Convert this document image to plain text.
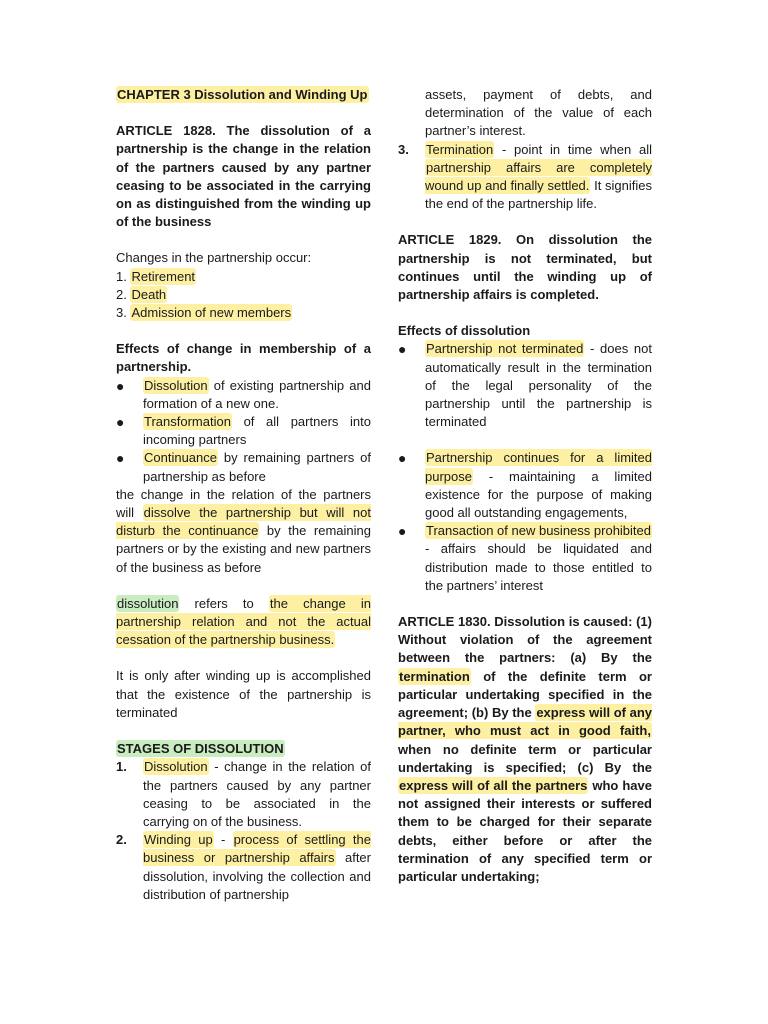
CHAPTER 3 Dissolution and Winding Up

ARTICLE 1828. The dissolution of a partnership is the change in the relation of the partners caused by any partner ceasing to be associated in the carrying on as distinguished from the winding up of the business

Changes in the partnership occur:

1. Retirement

2. Death

3. Admission of new members

Effects of change in membership of a partnership.

● Dissolution of existing partnership and formation of a new one.
● Transformation of all partners into incoming partners
● Continuance by remaining partners of partnership as before

the change in the relation of the partners will dissolve the partnership but will not disturb the continuance by the remaining partners or by the existing and new partners of the business as before

dissolution refers to the change in partnership relation and not the actual cessation of the partnership business.

It is only after winding up is accomplished that the existence of the partnership is terminated

STAGES OF DISSOLUTION

1. Dissolution - change in the relation of the partners caused by any partner ceasing to be associated in the carrying on of the business.
2. Winding up - process of settling the business or partnership affairs after dissolution, involving the collection and distribution of partnership

assets, payment of debts, and determination of the value of each partner’s interest.

3. Termination - point in time when all partnership affairs are completely wound up and finally settled. It signifies the end of the partnership life.

ARTICLE 1829. On dissolution the partnership is not terminated, but continues until the winding up of partnership affairs is completed.

Effects of dissolution

● Partnership not terminated - does not automatically result in the termination of the legal personality of the partnership until the partnership is terminated
● Partnership continues for a limited purpose - maintaining a limited existence for the purpose of making good all outstanding engagements,
● Transaction of new business prohibited - affairs should be liquidated and distribution made to those entitled to the partners’ interest

ARTICLE 1830. Dissolution is caused: (1) Without violation of the agreement between the partners: (a) By the termination of the definite term or particular undertaking specified in the agreement; (b) By the express will of any partner, who must act in good faith, when no definite term or particular undertaking is specified; (c) By the express will of all the partners who have not assigned their interests or suffered them to be charged for their separate debts, either before or after the termination of any specified term or particular undertaking;
